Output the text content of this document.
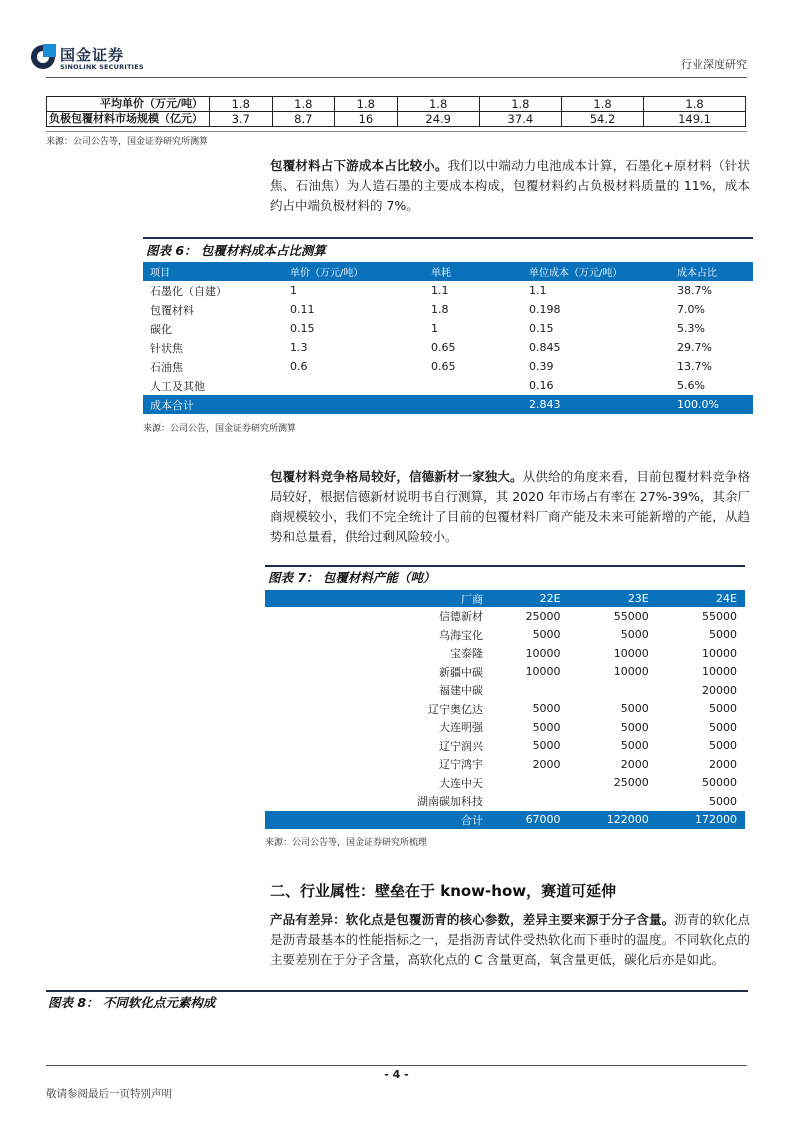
国金证券
SINOLINK SECURITIES	行业深度研究
平均单价（万元/吨）	1.8	1.8	1.8	1.8	1.8	1.8	1.8
负极包覆材料市场规模（亿元）	3.7	8.7	16	24.9	37.4	54.2	149.1
来源：公司公告等，国金证券研究所测算
包覆材料占下游成本占比较小。我们以中端动力电池成本计算，石墨化+原材料（针状焦、石油焦）为人造石墨的主要成本构成，包覆材料约占负极材料质量的 11%，成本约占中端负极材料的 7%。
图表 6： 包覆材料成本占比测算
项目	单价（万元/吨）	单耗	单位成本（万元/吨）	成本占比
石墨化（自建）	1	1.1	1.1	38.7%
包覆材料	0.11	1.8	0.198	7.0%
碳化	0.15	1	0.15	5.3%
针状焦	1.3	0.65	0.845	29.7%
石油焦	0.6	0.65	0.39	13.7%
人工及其他			0.16	5.6%
成本合计			2.843	100.0%
来源：公司公告，国金证券研究所测算
包覆材料竞争格局较好，信德新材一家独大。从供给的角度来看，目前包覆材料竞争格局较好，根据信德新材说明书自行测算，其 2020 年市场占有率在 27%-39%，其余厂商规模较小，我们不完全统计了目前的包覆材料厂商产能及未来可能新增的产能，从趋势和总量看，供给过剩风险较小。
图表 7： 包覆材料产能（吨）
厂商	22E	23E	24E
信德新材	25000	55000	55000
乌海宝化	5000	5000	5000
宝泰隆	10000	10000	10000
新疆中碳	10000	10000	10000
福建中碳			20000
辽宁奥亿达	5000	5000	5000
大连明强	5000	5000	5000
辽宁润兴	5000	5000	5000
辽宁鸿宇	2000	2000	2000
大连中天		25000	50000
湖南碳加科技			5000
合计	67000	122000	172000
来源：公司公告等，国金证券研究所梳理
二、行业属性：壁垒在于 know-how，赛道可延伸
产品有差异：软化点是包覆沥青的核心参数，差异主要来源于分子含量。沥青的软化点是沥青最基本的性能指标之一，是指沥青试件受热软化而下垂时的温度。不同软化点的主要差别在于分子含量，高软化点的 C 含量更高，氧含量更低，碳化后亦是如此。
图表 8： 不同软化点元素构成
- 4 -
敬请参阅最后一页特别声明
